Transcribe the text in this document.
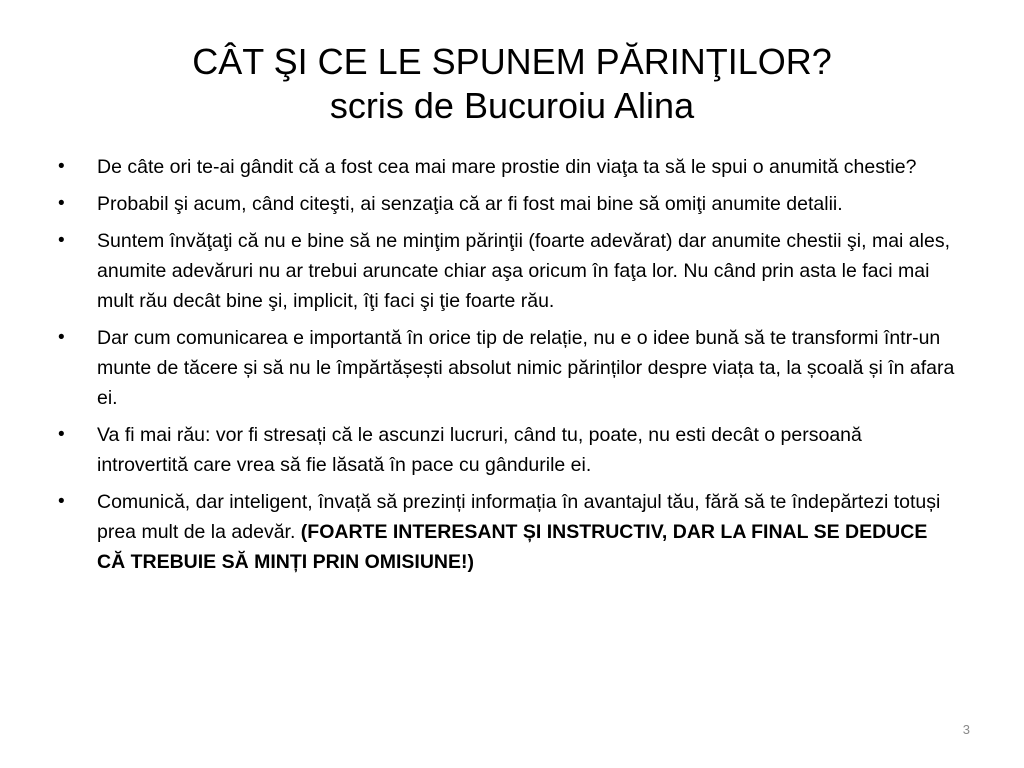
CÂT ŞI CE LE SPUNEM PĂRINŢILOR?
scris de Bucuroiu Alina
• De câte ori te-ai gândit că a fost cea mai mare prostie din viaţa ta să le spui o anumită chestie?
• Probabil şi acum, când citeşti, ai senzaţia că ar fi fost mai bine să omiţi anumite detalii.
• Suntem învăţaţi că nu e bine să ne minţim părinţii (foarte adevărat) dar anumite chestii şi, mai ales, anumite adevăruri nu ar trebui aruncate chiar aşa oricum în faţa lor. Nu când prin asta le faci mai mult rău decât bine şi, implicit, îţi faci şi ţie foarte rău.
• Dar cum comunicarea e importantă în orice tip de relație, nu e o idee bună să te transformi într-un munte de tăcere și să nu le împărtășești absolut nimic părinților despre viața ta, la școală și în afara ei.
• Va fi mai rău: vor fi stresați că le ascunzi lucruri, când tu, poate, nu esti decât o persoană introvertită care vrea să fie lăsată în pace cu gândurile ei.
• Comunică, dar inteligent, învață să prezinți informația în avantajul tău, fără să te îndepărtezi totuși prea mult de la adevăr. (FOARTE INTERESANT ȘI INSTRUCTIV, DAR LA FINAL SE DEDUCE CĂ TREBUIE SĂ MINȚI PRIN OMISIUNE!)
3
